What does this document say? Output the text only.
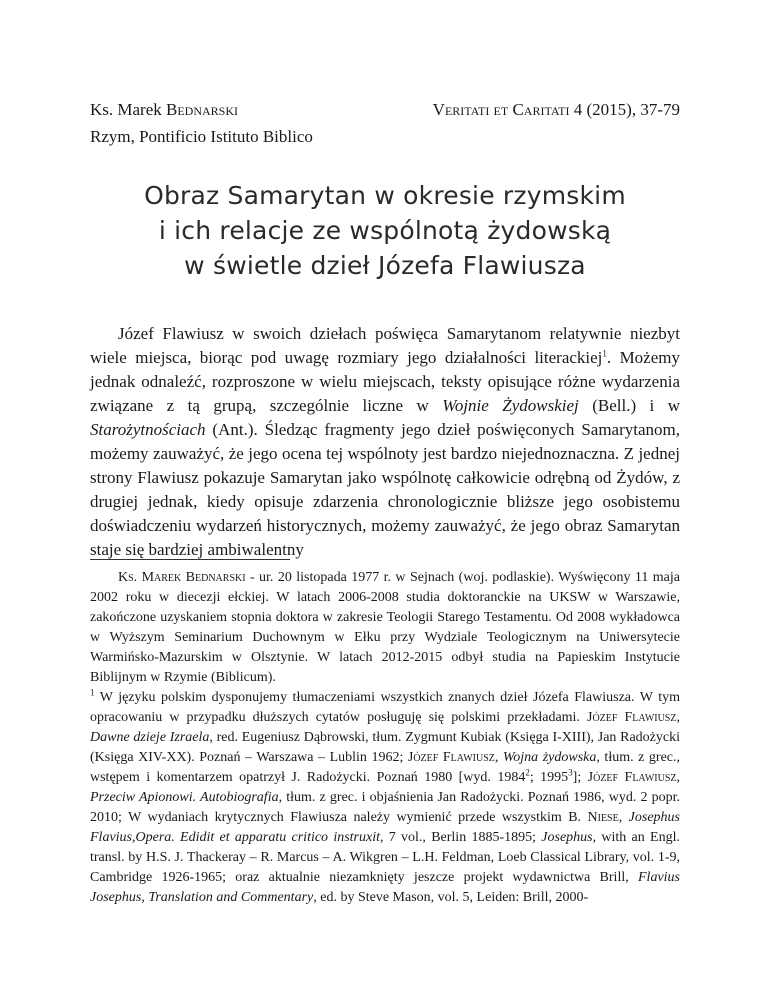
Ks. Marek Bednarski	Veritati et Caritati 4 (2015), 37-79
Rzym, Pontificio Istituto Biblico
Obraz Samarytan w okresie rzymskim
i ich relacje ze wspólnotą żydowską
w świetle dzieł Józefa Flawiusza

Józef Flawiusz w swoich dziełach poświęca Samarytanom relatywnie niezbyt wiele miejsca, biorąc pod uwagę rozmiary jego działalności literackiej$^1$. Możemy jednak odnaleźć, rozproszone w wielu miejscach, teksty opisujące różne wydarzenia związane z tą grupą, szczególnie liczne w Wojnie Żydowskiej (Bell.) i w Starożytnościach (Ant.). Śledząc fragmenty jego dzieł poświęconych Samarytanom, możemy zauważyć, że jego ocena tej wspólnoty jest bardzo niejednoznaczna. Z jednej strony Flawiusz pokazuje Samarytan jako wspólnotę całkowicie odrębną od Żydów, z drugiej jednak, kiedy opisuje zdarzenia chronologicznie bliższe jego osobistemu doświadczeniu wydarzeń historycznych, możemy zauważyć, że jego obraz Samarytan staje się bardziej ambiwalentny

Ks. Marek Bednarski - ur. 20 listopada 1977 r. w Sejnach (woj. podlaskie). Wyświęcony 11 maja 2002 roku w diecezji ełckiej. W latach 2006-2008 studia doktoranckie na UKSW w Warszawie, zakończone uzyskaniem stopnia doktora w zakresie Teologii Starego Testamentu. Od 2008 wykładowca w Wyższym Seminarium Duchownym w Ełku przy Wydziale Teologicznym na Uniwersytecie Warmińsko-Mazurskim w Olsztynie. W latach 2012-2015 odbył studia na Papieskim Instytucie Biblijnym w Rzymie (Biblicum).

$^1$ W języku polskim dysponujemy tłumaczeniami wszystkich znanych dzieł Józefa Flawiusza. W tym opracowaniu w przypadku dłuższych cytatów posługuję się polskimi przekładami. Józef Flawiusz, Dawne dzieje Izraela, red. Eugeniusz Dąbrowski, tłum. Zygmunt Kubiak (Księga I-XIII), Jan Radożycki (Księga XIV-XX). Poznań – Warszawa – Lublin 1962; Józef Flawiusz, Wojna żydowska, tłum. z grec., wstępem i komentarzem opatrzył J. Radożycki. Poznań 1980 [wyd. 1984$^2$; 1995$^3$]; Józef Flawiusz, Przeciw Apionowi. Autobiografia, tłum. z grec. i objaśnienia Jan Radożycki. Poznań 1986, wyd. 2 popr. 2010; W wydaniach krytycznych Flawiusza należy wymienić przede wszystkim B. Niese, Josephus Flavius,Opera. Edidit et apparatu critico instruxit, 7 vol., Berlin 1885-1895; Josephus, with an Engl. transl. by H.S. J. Thackeray – R. Marcus – A. Wikgren – L.H. Feldman, Loeb Classical Library, vol. 1-9, Cambridge 1926-1965; oraz aktualnie niezamknięty jeszcze projekt wydawnictwa Brill, Flavius Josephus, Translation and Commentary, ed. by Steve Mason, vol. 5, Leiden: Brill, 2000-
